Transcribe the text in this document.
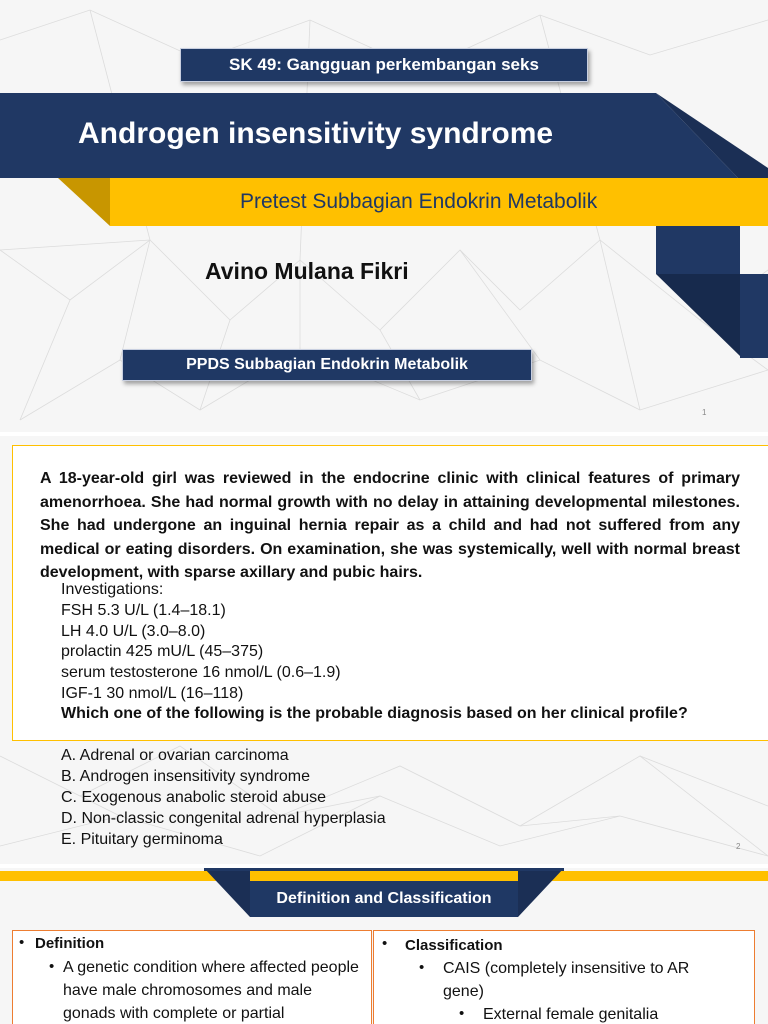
SK 49: Gangguan perkembangan seks
Androgen insensitivity syndrome
Pretest Subbagian Endokrin Metabolik
Avino Mulana Fikri
PPDS Subbagian Endokrin Metabolik
1
A 18-year-old girl was reviewed in the endocrine clinic with clinical features of primary amenorrhoea. She had normal growth with no delay in attaining developmental milestones. She had undergone an inguinal hernia repair as a child and had not suffered from any medical or eating disorders. On examination, she was systemically, well with normal breast development, with sparse axillary and pubic hairs.
Investigations:
FSH 5.3 U/L (1.4–18.1)
LH 4.0 U/L (3.0–8.0)
prolactin 425 mU/L (45–375)
serum testosterone 16 nmol/L (0.6–1.9)
IGF-1 30 nmol/L (16–118)
Which one of the following is the probable diagnosis based on her clinical profile?
A. Adrenal or ovarian carcinoma
B. Androgen insensitivity syndrome
C. Exogenous anabolic steroid abuse
D. Non-classic congenital adrenal hyperplasia
E. Pituitary germinoma	2
Definition and Classification
• Definition
• A genetic condition where affected people have male chromosomes and male gonads with complete or partial
• Classification
• CAIS (completely insensitive to AR gene)
• External female genitalia
